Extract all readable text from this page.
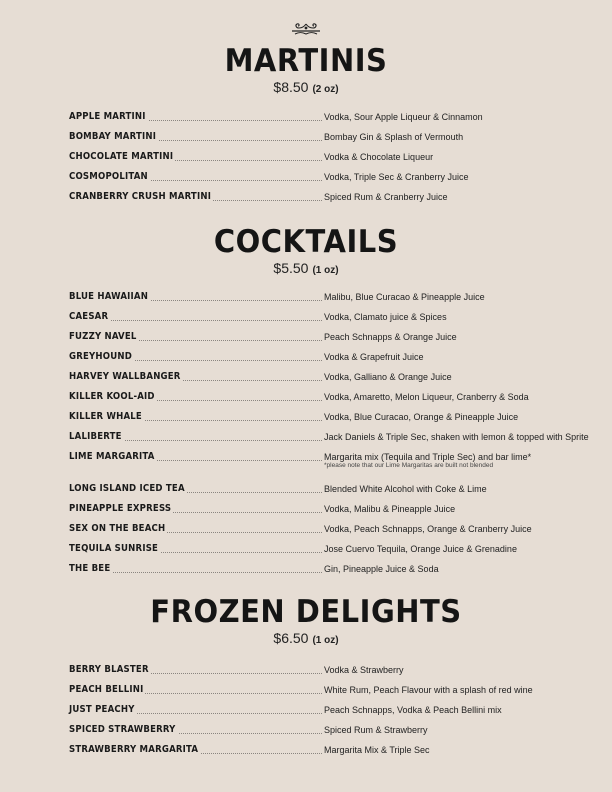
MARTINIS
$8.50 (2 oz)
APPLE MARTINI	Vodka, Sour Apple Liqueur & Cinnamon
BOMBAY MARTINI	Bombay Gin & Splash of Vermouth
CHOCOLATE MARTINI	Vodka & Chocolate Liqueur
COSMOPOLITAN	Vodka, Triple Sec & Cranberry Juice
CRANBERRY CRUSH MARTINI	Spiced Rum & Cranberry Juice
COCKTAILS
$5.50 (1 oz)
BLUE HAWAIIAN	Malibu, Blue Curacao & Pineapple Juice
CAESAR	Vodka, Clamato juice & Spices
FUZZY NAVEL	Peach Schnapps & Orange Juice
GREYHOUND	Vodka & Grapefruit Juice
HARVEY WALLBANGER	Vodka, Galliano & Orange Juice
KILLER KOOL-AID	Vodka, Amaretto, Melon Liqueur, Cranberry & Soda
KILLER WHALE	Vodka, Blue Curacao, Orange & Pineapple Juice
LALIBERTE	Jack Daniels & Triple Sec, shaken with lemon & topped with Sprite
LIME MARGARITA	Margarita mix (Tequila and Triple Sec) and bar lime*
*please note that our Lime Margaritas are built not blended
LONG ISLAND ICED TEA	Blended White Alcohol with Coke & Lime
PINEAPPLE EXPRESS	Vodka, Malibu & Pineapple Juice
SEX ON THE BEACH	Vodka, Peach Schnapps, Orange & Cranberry Juice
TEQUILA SUNRISE	Jose Cuervo Tequila, Orange Juice & Grenadine
THE BEE	Gin, Pineapple Juice & Soda
FROZEN DELIGHTS
$6.50 (1 oz)
BERRY BLASTER	Vodka & Strawberry
PEACH BELLINI	White Rum, Peach Flavour with a splash of red wine
JUST PEACHY	Peach Schnapps, Vodka & Peach Bellini mix
SPICED STRAWBERRY	Spiced Rum & Strawberry
STRAWBERRY MARGARITA	Margarita Mix & Triple Sec
